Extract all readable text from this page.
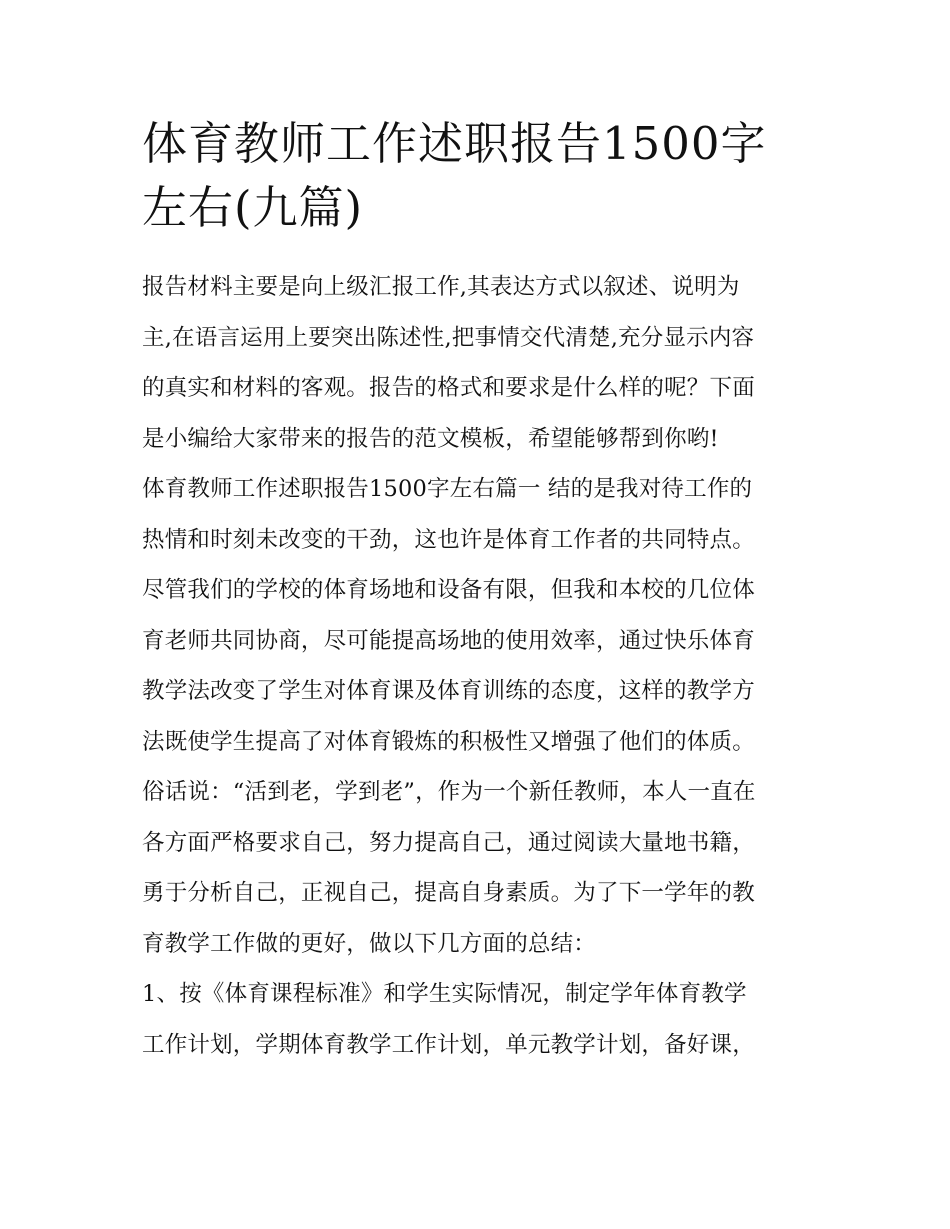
体育教师工作述职报告1500字
左右(九篇)
报告材料主要是向上级汇报工作,其表达方式以叙述、说明为
主,在语言运用上要突出陈述性,把事情交代清楚,充分显示内容
的真实和材料的客观。报告的格式和要求是什么样的呢？下面
是小编给大家带来的报告的范文模板，希望能够帮到你哟!
体育教师工作述职报告1500字左右篇一 结的是我对待工作的
热情和时刻未改变的干劲，这也许是体育工作者的共同特点。
尽管我们的学校的体育场地和设备有限，但我和本校的几位体
育老师共同协商，尽可能提高场地的使用效率，通过快乐体育
教学法改变了学生对体育课及体育训练的态度，这样的教学方
法既使学生提高了对体育锻炼的积极性又增强了他们的体质。
俗话说：“活到老，学到老”，作为一个新任教师，本人一直在
各方面严格要求自己，努力提高自己，通过阅读大量地书籍，
勇于分析自己，正视自己，提高自身素质。为了下一学年的教
育教学工作做的更好，做以下几方面的总结：
1、按《体育课程标准》和学生实际情况，制定学年体育教学
工作计划，学期体育教学工作计划，单元教学计划，备好课，
